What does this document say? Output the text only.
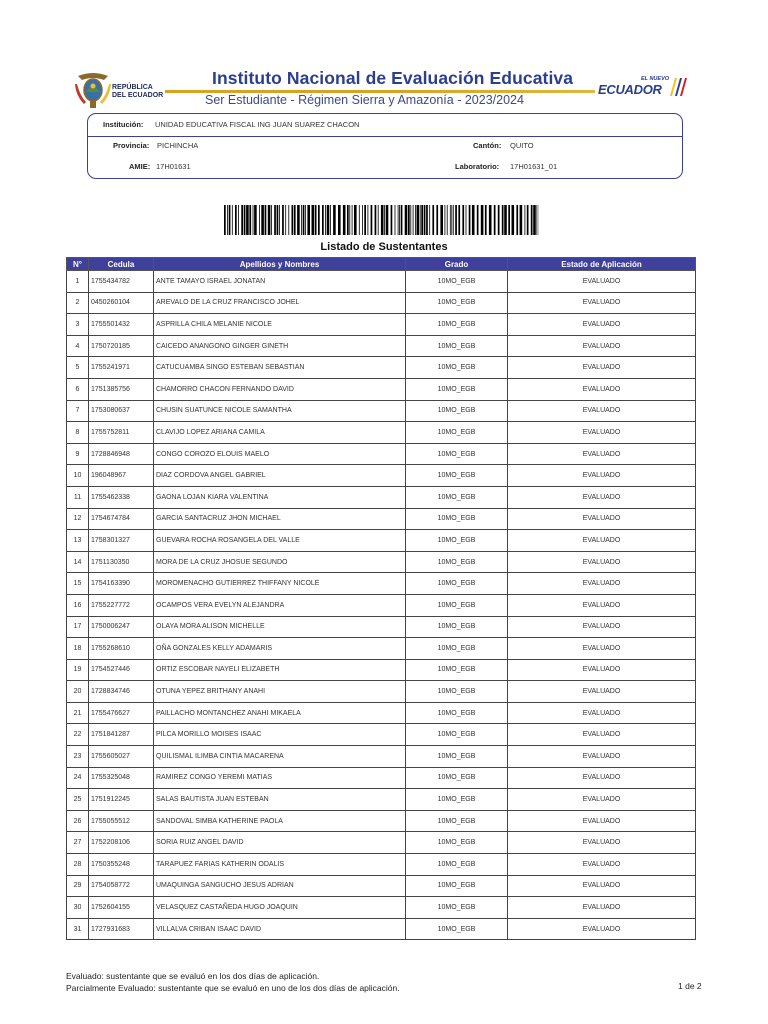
REPÚBLICA
DEL ECUADOR
Instituto Nacional de Evaluación Educativa
Ser Estudiante - Régimen Sierra y Amazonía - 2023/2024
EL NUEVO
ECUADOR
Institución: UNIDAD EDUCATIVA FISCAL ING JUAN SUAREZ CHACON
Provincia: PICHINCHA	Cantón: QUITO
AMIE: 17H01631	Laboratorio: 17H01631_01
Listado de Sustentantes
N°	Cedula	Apellidos y Nombres	Grado	Estado de Aplicación
1	1755434782	ANTE TAMAYO ISRAEL JONATAN	10MO_EGB	EVALUADO
2	0450260104	AREVALO DE LA CRUZ FRANCISCO JOHEL	10MO_EGB	EVALUADO
3	1755501432	ASPRILLA CHILA MELANIE NICOLE	10MO_EGB	EVALUADO
4	1750720185	CAICEDO ANANGONO GINGER GINETH	10MO_EGB	EVALUADO
5	1755241971	CATUCUAMBA SINGO ESTEBAN SEBASTIAN	10MO_EGB	EVALUADO
6	1751385756	CHAMORRO CHACON FERNANDO DAVID	10MO_EGB	EVALUADO
7	1753080637	CHUSIN SUATUNCE NICOLE SAMANTHA	10MO_EGB	EVALUADO
8	1755752811	CLAVIJO LOPEZ ARIANA CAMILA	10MO_EGB	EVALUADO
9	1728846948	CONGO COROZO ELOUIS MAELO	10MO_EGB	EVALUADO
10	196048967	DIAZ CORDOVA ANGEL GABRIEL	10MO_EGB	EVALUADO
11	1755462338	GAONA LOJAN KIARA VALENTINA	10MO_EGB	EVALUADO
12	1754674784	GARCIA SANTACRUZ JHON MICHAEL	10MO_EGB	EVALUADO
13	1758301327	GUEVARA ROCHA ROSANGELA DEL VALLE	10MO_EGB	EVALUADO
14	1751130350	MORA DE LA CRUZ JHOSUE SEGUNDO	10MO_EGB	EVALUADO
15	1754163390	MOROMENACHO GUTIERREZ THIFFANY NICOLE	10MO_EGB	EVALUADO
16	1755227772	OCAMPOS VERA EVELYN ALEJANDRA	10MO_EGB	EVALUADO
17	1750006247	OLAYA MORA ALISON MICHELLE	10MO_EGB	EVALUADO
18	1755268610	OÑA GONZALES KELLY ADAMARIS	10MO_EGB	EVALUADO
19	1754527446	ORTIZ ESCOBAR NAYELI ELIZABETH	10MO_EGB	EVALUADO
20	1728834746	OTUNA YEPEZ BRITHANY ANAHI	10MO_EGB	EVALUADO
21	1755476627	PAILLACHO MONTANCHEZ ANAHI MIKAELA	10MO_EGB	EVALUADO
22	1751841287	PILCA MORILLO MOISES ISAAC	10MO_EGB	EVALUADO
23	1755605027	QUILISMAL ILIMBA CINTIA MACARENA	10MO_EGB	EVALUADO
24	1755325048	RAMIREZ CONGO YEREMI MATIAS	10MO_EGB	EVALUADO
25	1751912245	SALAS BAUTISTA JUAN ESTEBAN	10MO_EGB	EVALUADO
26	1755055512	SANDOVAL SIMBA KATHERINE PAOLA	10MO_EGB	EVALUADO
27	1752208106	SORIA RUIZ ANGEL DAVID	10MO_EGB	EVALUADO
28	1750355248	TARAPUEZ FARIAS KATHERIN ODALIS	10MO_EGB	EVALUADO
29	1754058772	UMAQUINGA SANGUCHO JESUS ADRIAN	10MO_EGB	EVALUADO
30	1752604155	VELASQUEZ CASTAÑEDA HUGO JOAQUIN	10MO_EGB	EVALUADO
31	1727931683	VILLALVA CRIBAN ISAAC DAVID	10MO_EGB	EVALUADO
Evaluado: sustentante que se evaluó en los dos días de aplicación.
Parcialmente Evaluado: sustentante que se evaluó en uno de los dos días de aplicación.	1 de 2
